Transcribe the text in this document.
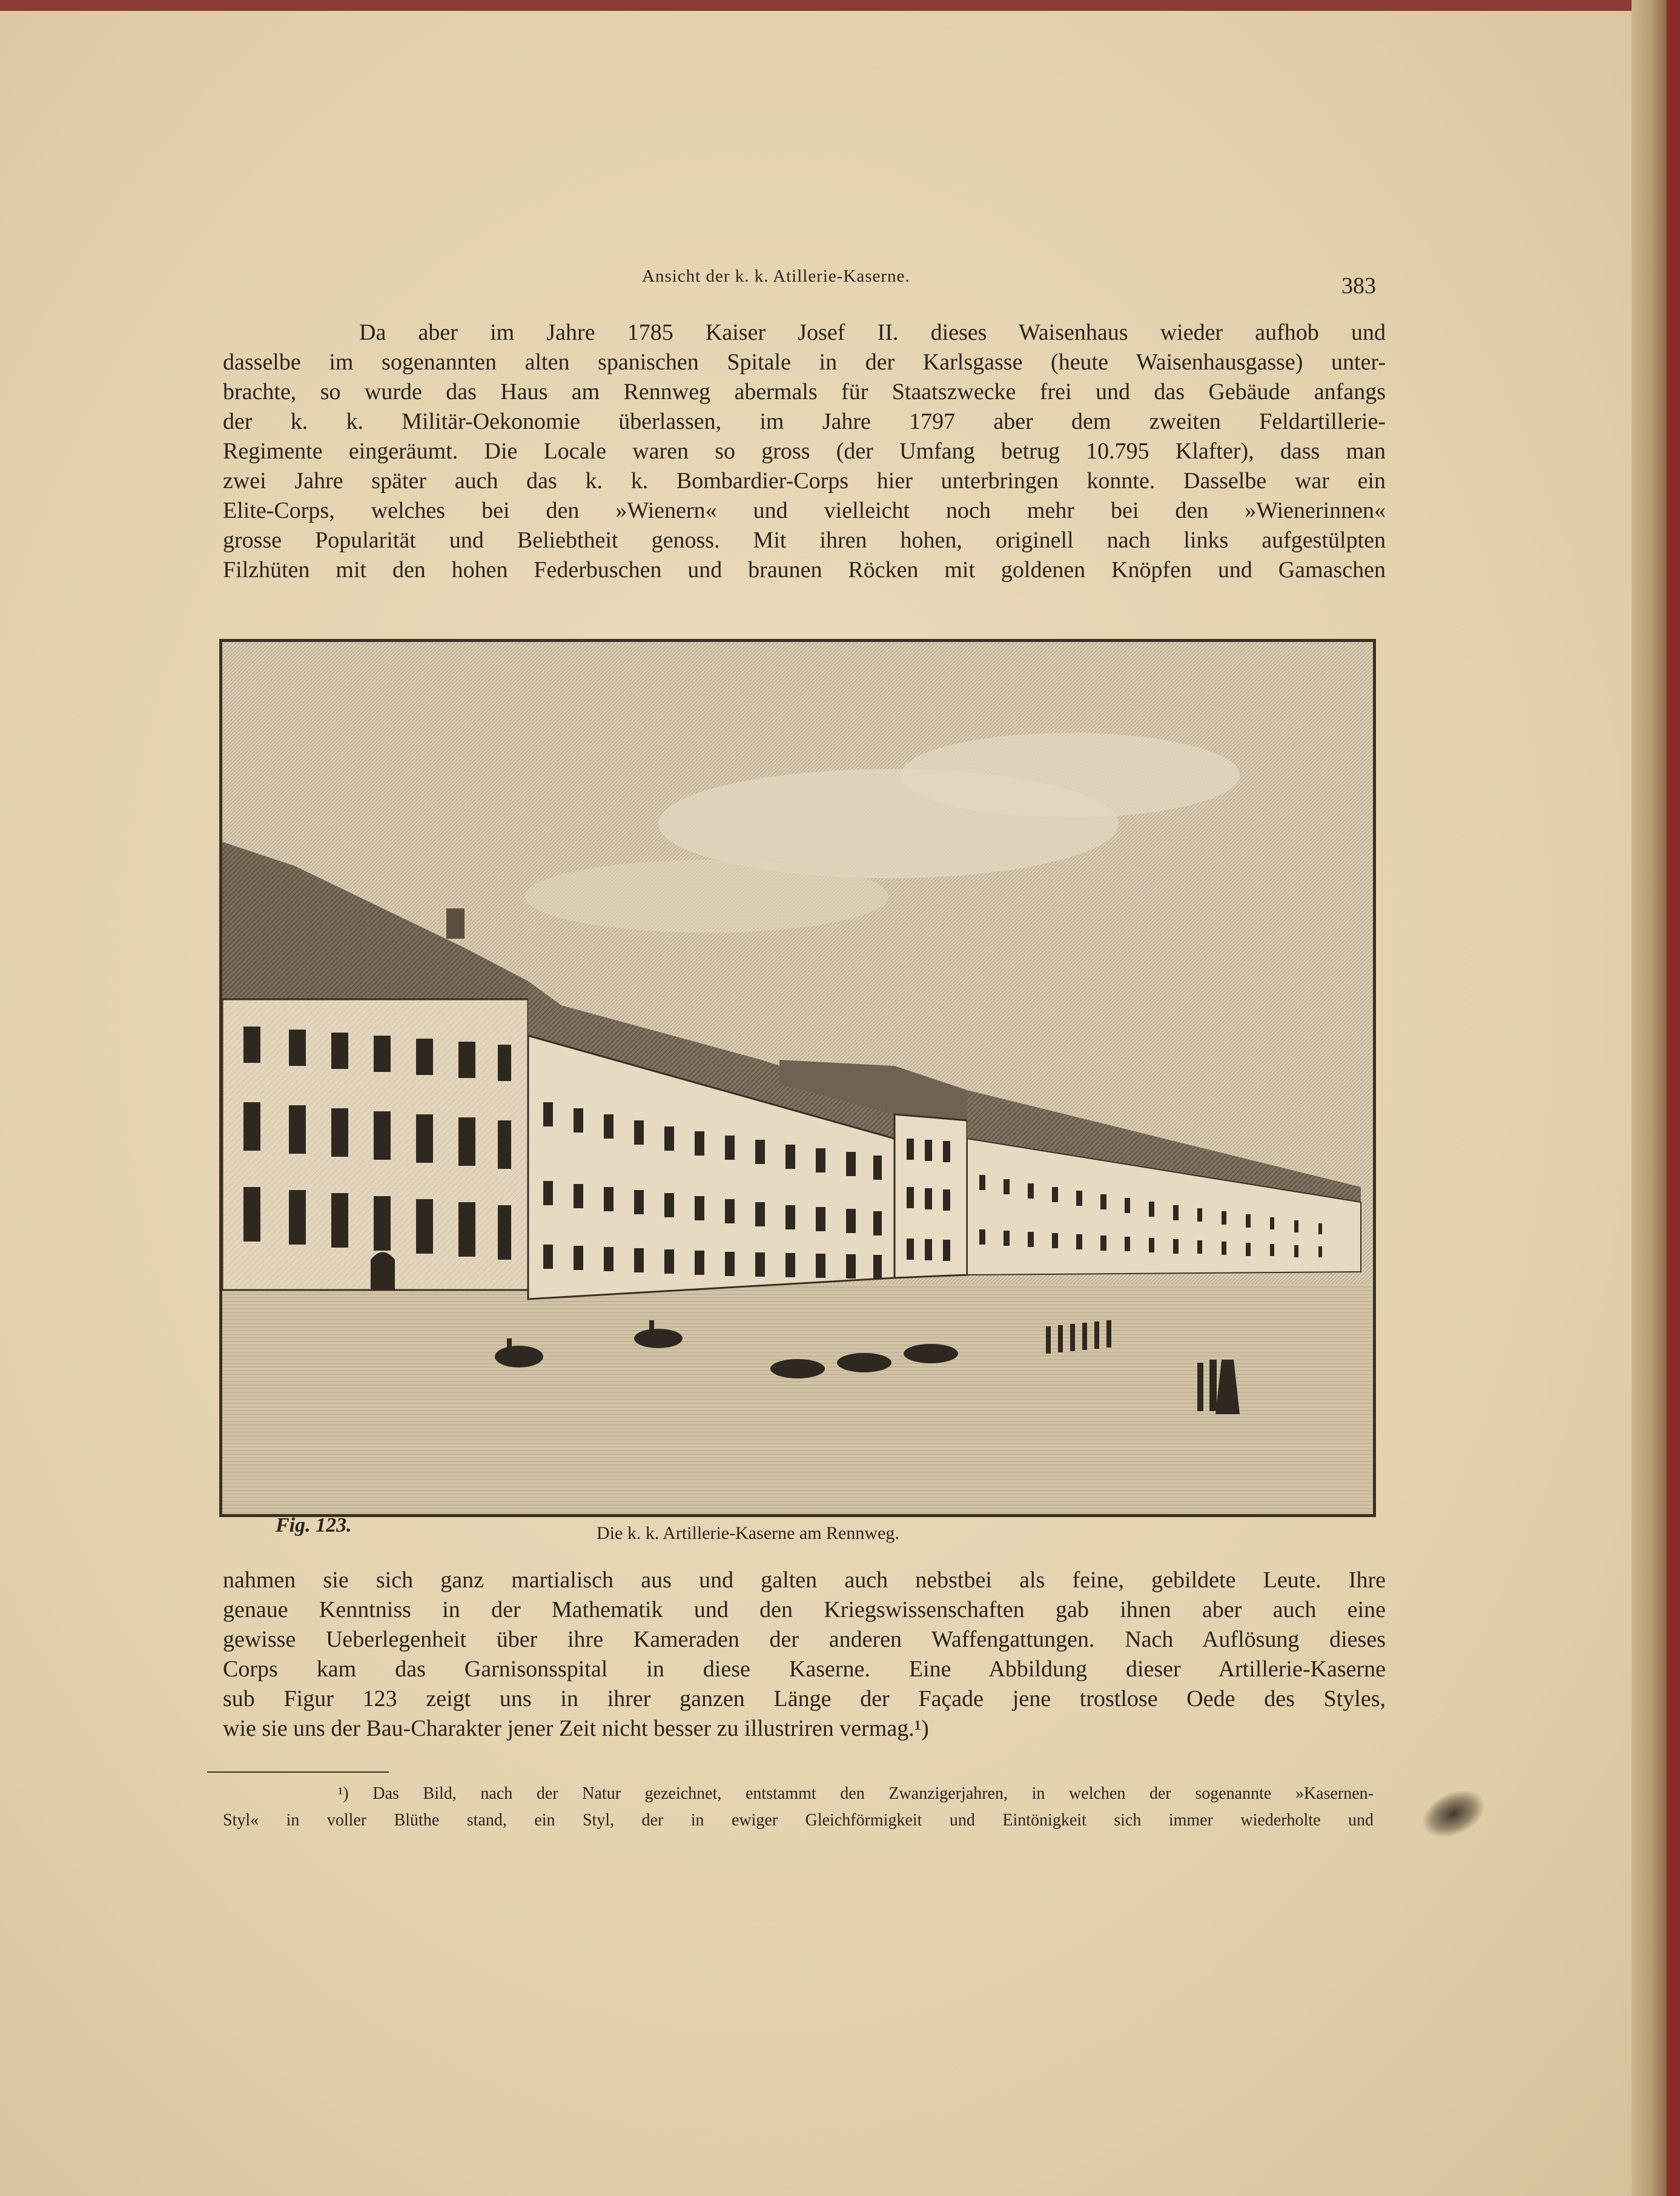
Ansicht der k. k. Atillerie-Kaserne.	383
Da aber im Jahre 1785 Kaiser Josef II. dieses Waisenhaus wieder aufhob und
dasselbe im sogenannten alten spanischen Spitale in der Karlsgasse (heute Waisenhausgasse) unter-
brachte, so wurde das Haus am Rennweg abermals für Staatszwecke frei und das Gebäude anfangs
der k. k. Militär-Oekonomie überlassen, im Jahre 1797 aber dem zweiten Feldartillerie-
Regimente eingeräumt. Die Locale waren so gross (der Umfang betrug 10.795 Klafter), dass man
zwei Jahre später auch das k. k. Bombardier-Corps hier unterbringen konnte. Dasselbe war ein
Elite-Corps, welches bei den »Wienern« und vielleicht noch mehr bei den »Wienerinnen«
grosse Popularität und Beliebtheit genoss. Mit ihren hohen, originell nach links aufgestülpten
Filzhüten mit den hohen Federbuschen und braunen Röcken mit goldenen Knöpfen und Gamaschen
Fig. 123.	Die k. k. Artillerie-Kaserne am Rennweg.
nahmen sie sich ganz martialisch aus und galten auch nebstbei als feine, gebildete Leute. Ihre
genaue Kenntniss in der Mathematik und den Kriegswissenschaften gab ihnen aber auch eine
gewisse Ueberlegenheit über ihre Kameraden der anderen Waffengattungen. Nach Auflösung dieses
Corps kam das Garnisonsspital in diese Kaserne. Eine Abbildung dieser Artillerie-Kaserne
sub Figur 123 zeigt uns in ihrer ganzen Länge der Façade jene trostlose Oede des Styles,
wie sie uns der Bau-Charakter jener Zeit nicht besser zu illustriren vermag.¹)
¹) Das Bild, nach der Natur gezeichnet, entstammt den Zwanzigerjahren, in welchen der sogenannte »Kasernen-
Styl« in voller Blüthe stand, ein Styl, der in ewiger Gleichförmigkeit und Eintönigkeit sich immer wiederholte und
